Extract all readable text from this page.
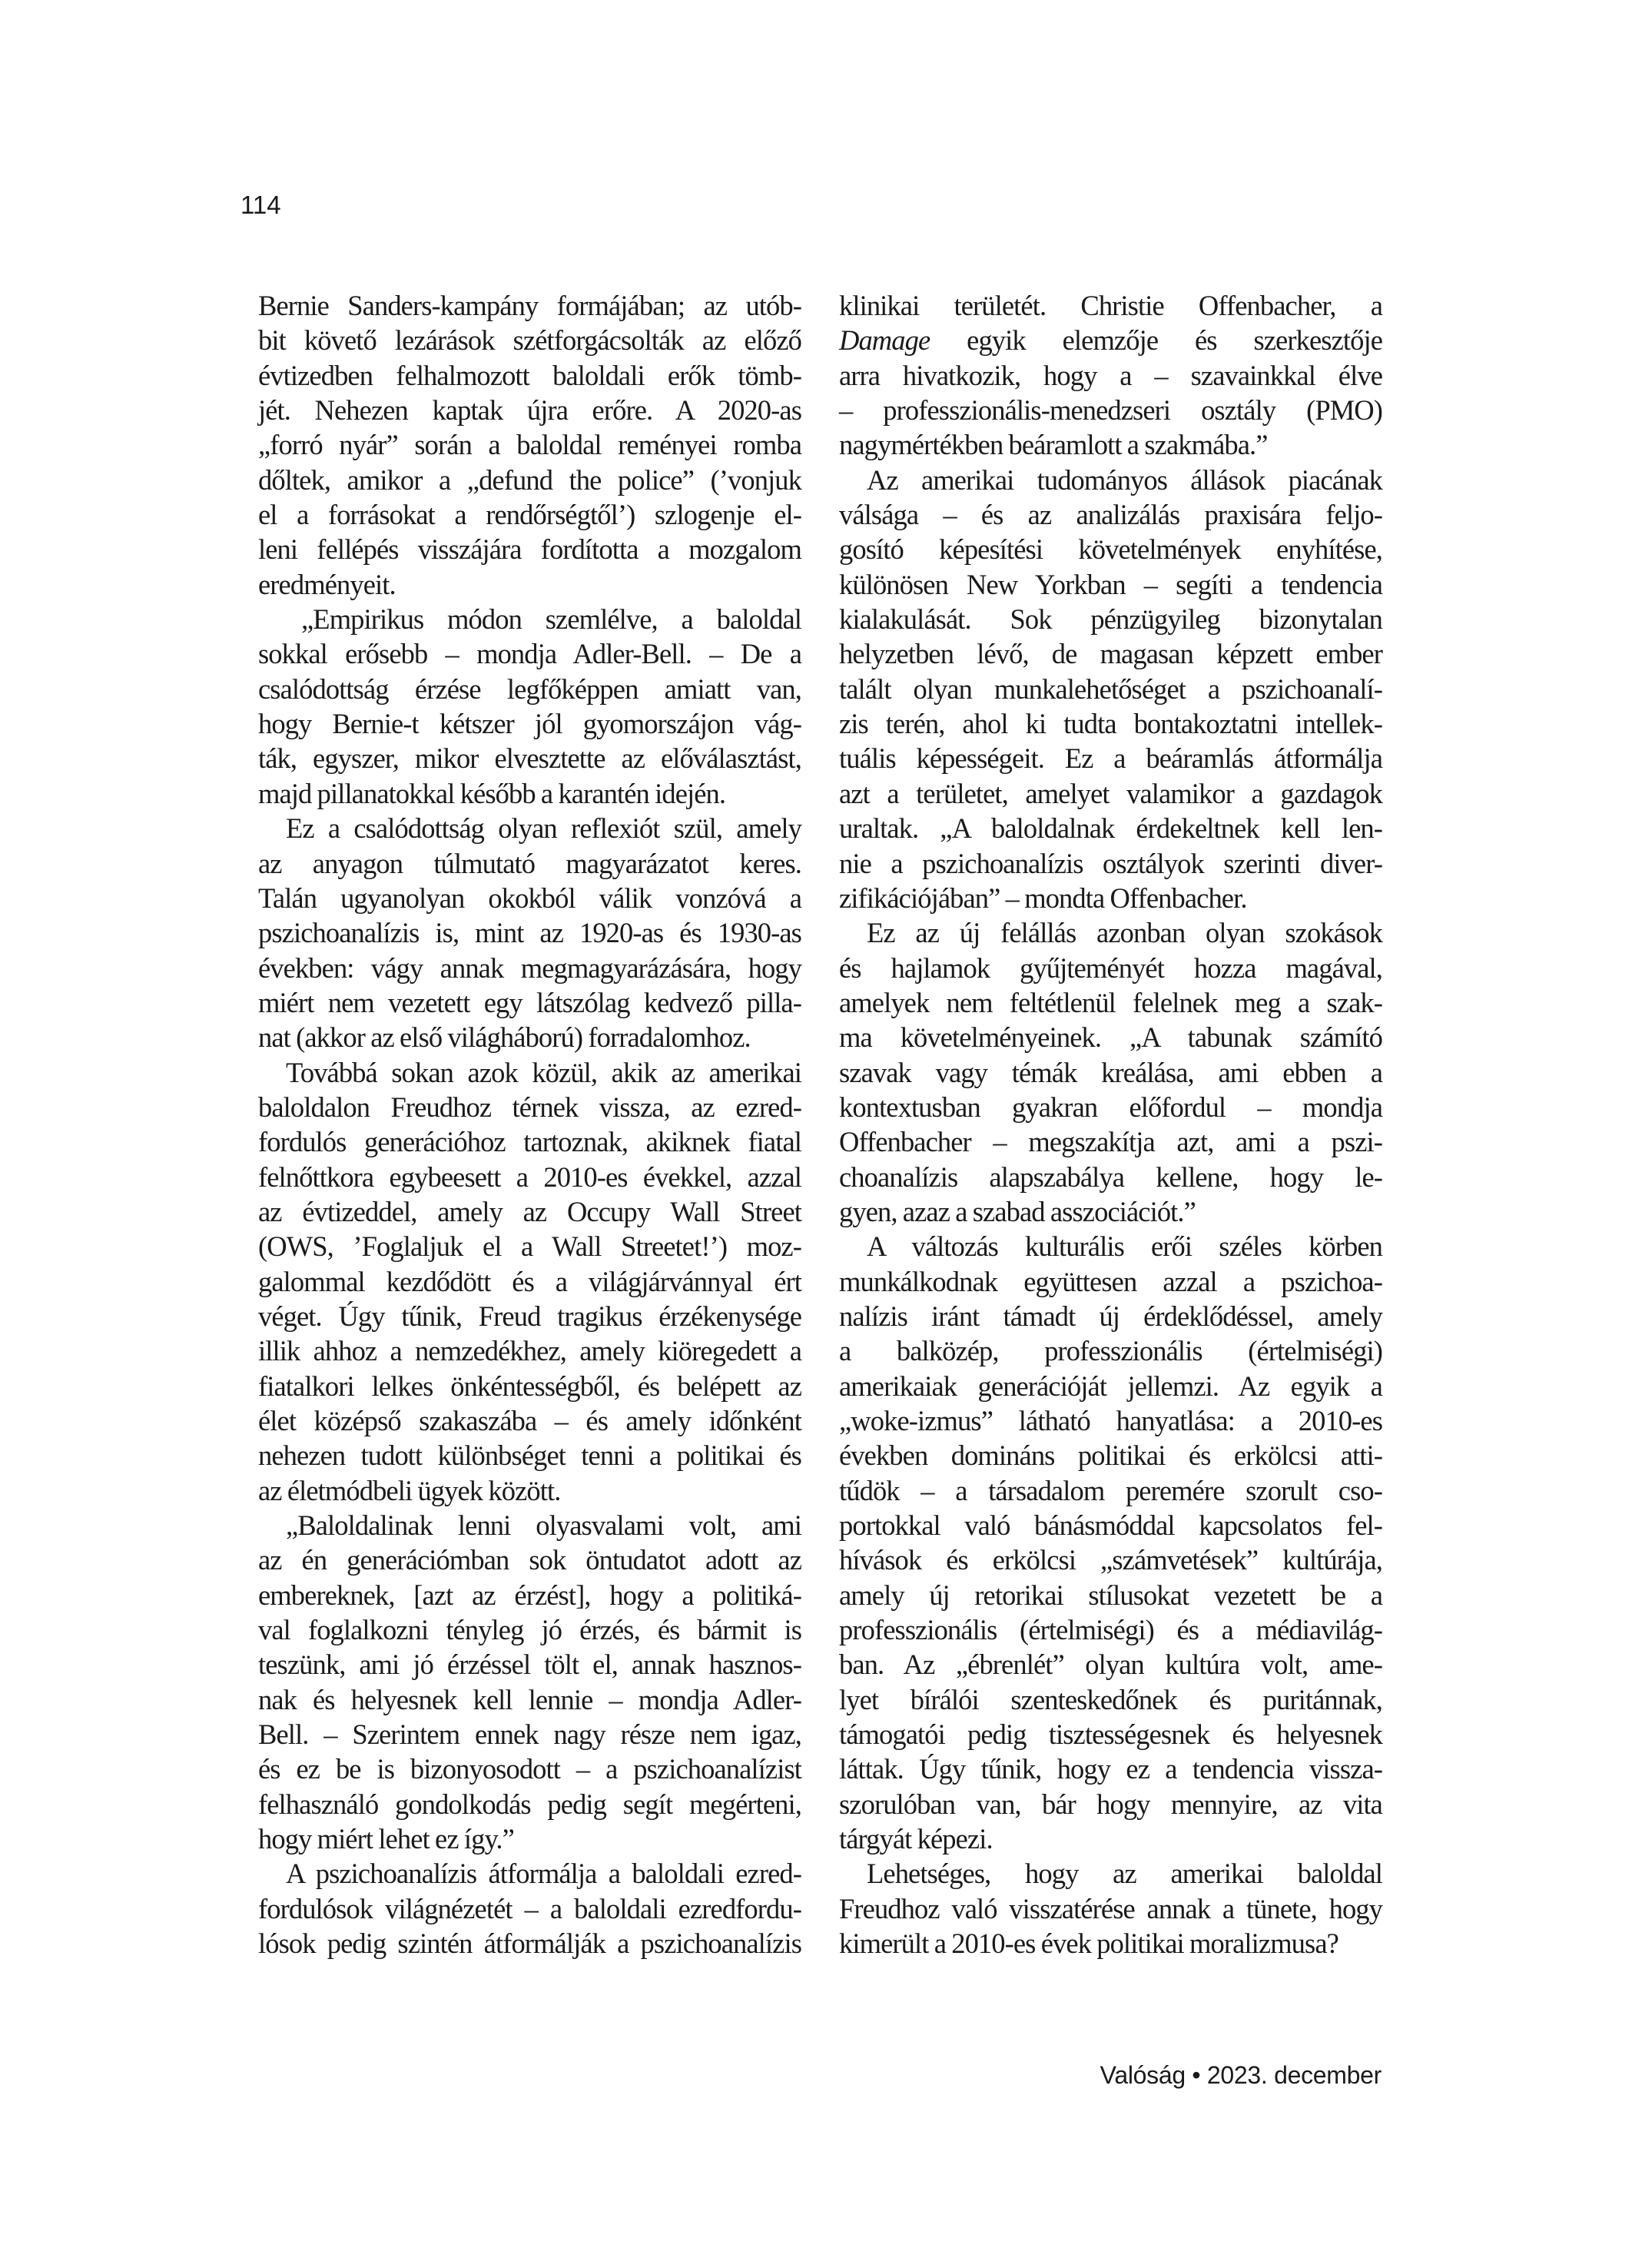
114
Bernie Sanders-kampány formájában; az utób-
bit követő lezárások szétforgácsolták az előző
évtizedben felhalmozott baloldali erők tömb-
jét. Nehezen kaptak újra erőre. A 2020-as
„forró nyár” során a baloldal reményei romba
dőltek, amikor a „defund the police” (’vonjuk
el a forrásokat a rendőrségtől’) szlogenje el-
leni fellépés visszájára fordította a mozgalom
eredményeit.
„Empirikus módon szemlélve, a baloldal
sokkal erősebb – mondja Adler-Bell. – De a
csalódottság érzése legfőképpen amiatt van,
hogy Bernie-t kétszer jól gyomorszájon vág-
ták, egyszer, mikor elvesztette az előválasztást,
majd pillanatokkal később a karantén idején.
Ez a csalódottság olyan reflexiót szül, amely
az anyagon túlmutató magyarázatot keres.
Talán ugyanolyan okokból válik vonzóvá a
pszichoanalízis is, mint az 1920-as és 1930-as
években: vágy annak megmagyarázására, hogy
miért nem vezetett egy látszólag kedvező pilla-
nat (akkor az első világháború) forradalomhoz.
Továbbá sokan azok közül, akik az amerikai
baloldalon Freudhoz térnek vissza, az ezred-
fordulós generációhoz tartoznak, akiknek fiatal
felnőttkora egybeesett a 2010-es évekkel, azzal
az évtizeddel, amely az Occupy Wall Street
(OWS, ’Foglaljuk el a Wall Streetet!’) moz-
galommal kezdődött és a világjárvánnyal ért
véget. Úgy tűnik, Freud tragikus érzékenysége
illik ahhoz a nemzedékhez, amely kiöregedett a
fiatalkori lelkes önkéntességből, és belépett az
élet középső szakaszába – és amely időnként
nehezen tudott különbséget tenni a politikai és
az életmódbeli ügyek között.
„Baloldalinak lenni olyasvalami volt, ami
az én generációmban sok öntudatot adott az
embereknek, [azt az érzést], hogy a politiká-
val foglalkozni tényleg jó érzés, és bármit is
teszünk, ami jó érzéssel tölt el, annak hasznos-
nak és helyesnek kell lennie – mondja Adler-
Bell. – Szerintem ennek nagy része nem igaz,
és ez be is bizonyosodott – a pszichoanalízist
felhasználó gondolkodás pedig segít megérteni,
hogy miért lehet ez így.”
A pszichoanalízis átformálja a baloldali ezred-
fordulósok világnézetét – a baloldali ezredfordu-
lósok pedig szintén átformálják a pszichoanalízis
klinikai területét. Christie Offenbacher, a
Damage egyik elemzője és szerkesztője
arra hivatkozik, hogy a – szavainkkal élve
– professzionális-menedzseri osztály (PMO)
nagymértékben beáramlott a szakmába.”
Az amerikai tudományos állások piacának
válsága – és az analizálás praxisára feljo-
gosító képesítési követelmények enyhítése,
különösen New Yorkban – segíti a tendencia
kialakulását. Sok pénzügyileg bizonytalan
helyzetben lévő, de magasan képzett ember
talált olyan munkalehetőséget a pszichoanalí-
zis terén, ahol ki tudta bontakoztatni intellek-
tuális képességeit. Ez a beáramlás átformálja
azt a területet, amelyet valamikor a gazdagok
uraltak. „A baloldalnak érdekeltnek kell len-
nie a pszichoanalízis osztályok szerinti diver-
zifikációjában” – mondta Offenbacher.
Ez az új felállás azonban olyan szokások
és hajlamok gyűjteményét hozza magával,
amelyek nem feltétlenül felelnek meg a szak-
ma követelményeinek. „A tabunak számító
szavak vagy témák kreálása, ami ebben a
kontextusban gyakran előfordul – mondja
Offenbacher – megszakítja azt, ami a pszi-
choanalízis alapszabálya kellene, hogy le-
gyen, azaz a szabad asszociációt.”
A változás kulturális erői széles körben
munkálkodnak együttesen azzal a pszichoa-
nalízis iránt támadt új érdeklődéssel, amely
a balközép, professzionális (értelmiségi)
amerikaiak generációját jellemzi. Az egyik a
„woke-izmus” látható hanyatlása: a 2010-es
években domináns politikai és erkölcsi atti-
tűdök – a társadalom peremére szorult cso-
portokkal való bánásmóddal kapcsolatos fel-
hívások és erkölcsi „számvetések” kultúrája,
amely új retorikai stílusokat vezetett be a
professzionális (értelmiségi) és a médiavilág-
ban. Az „ébrenlét” olyan kultúra volt, ame-
lyet bírálói szenteskedőnek és puritánnak,
támogatói pedig tisztességesnek és helyesnek
láttak. Úgy tűnik, hogy ez a tendencia vissza-
szorulóban van, bár hogy mennyire, az vita
tárgyát képezi.
Lehetséges, hogy az amerikai baloldal
Freudhoz való visszatérése annak a tünete, hogy
kimerült a 2010-es évek politikai moralizmusa?
Valóság • 2023. december
